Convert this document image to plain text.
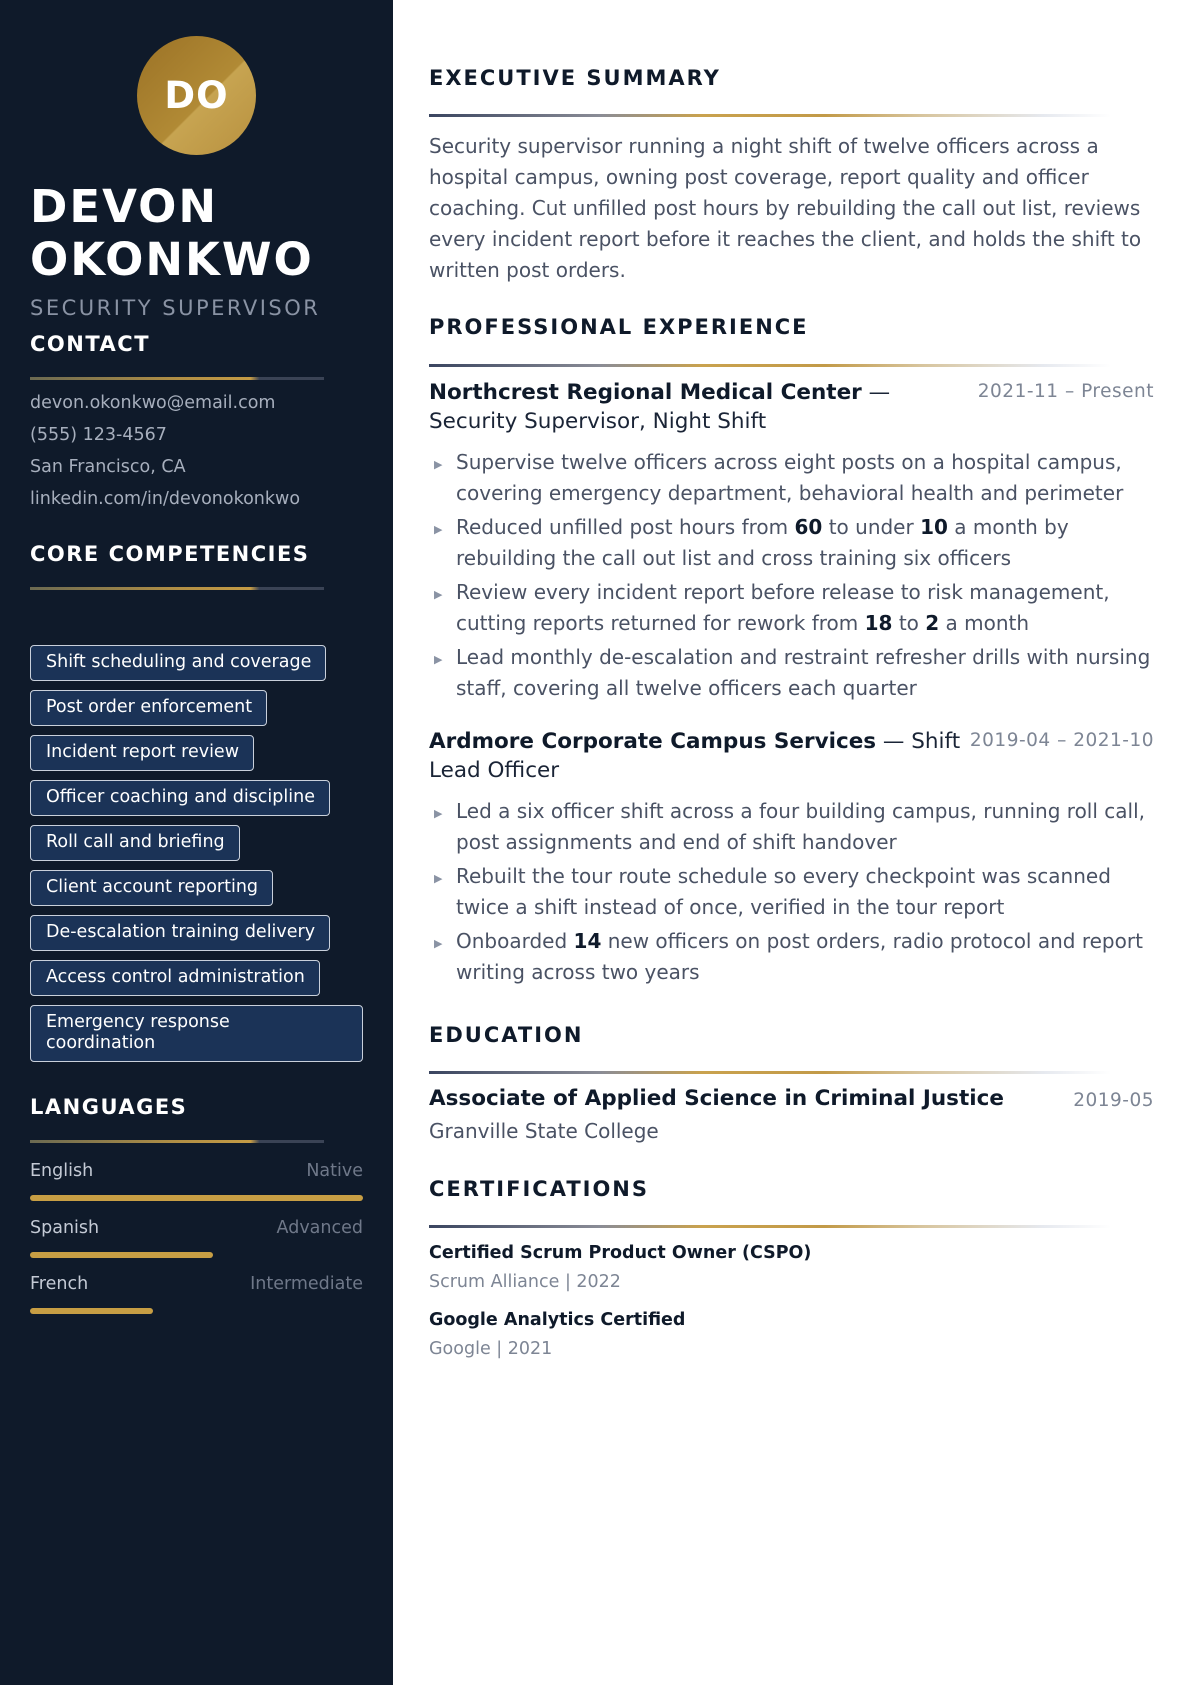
DO
DEVON
OKONKWO
SECURITY SUPERVISOR
CONTACT
devon.okonkwo@email.com
(555) 123-4567
San Francisco, CA
linkedin.com/in/devonokonkwo
CORE COMPETENCIES
Shift scheduling and coverage
Post order enforcement
Incident report review
Officer coaching and discipline
Roll call and briefing
Client account reporting
De-escalation training delivery
Access control administration
Emergency response coordination
LANGUAGES
English	Native
Spanish	Advanced
French	Intermediate
EXECUTIVE SUMMARY

Security supervisor running a night shift of twelve officers across a hospital campus, owning post coverage, report quality and officer coaching. Cut unfilled post hours by rebuilding the call out list, reviews every incident report before it reaches the client, and holds the shift to written post orders.

PROFESSIONAL EXPERIENCE
Northcrest Regional Medical Center — Security Supervisor, Night Shift
2021-11 – Present
▶ Supervise twelve officers across eight posts on a hospital campus, covering emergency department, behavioral health and perimeter
▶ Reduced unfilled post hours from 60 to under 10 a month by rebuilding the call out list and cross training six officers
▶ Review every incident report before release to risk management, cutting reports returned for rework from 18 to 2 a month
▶ Lead monthly de-escalation and restraint refresher drills with nursing staff, covering all twelve officers each quarter
Ardmore Corporate Campus Services — Shift Lead Officer
2019-04 – 2021-10
▶ Led a six officer shift across a four building campus, running roll call, post assignments and end of shift handover
▶ Rebuilt the tour route schedule so every checkpoint was scanned twice a shift instead of once, verified in the tour report
▶ Onboarded 14 new officers on post orders, radio protocol and report writing across two years
EDUCATION
Associate of Applied Science in Criminal Justice	2019-05
Granville State College
CERTIFICATIONS
Certified Scrum Product Owner (CSPO)
Scrum Alliance | 2022
Google Analytics Certified
Google | 2021
